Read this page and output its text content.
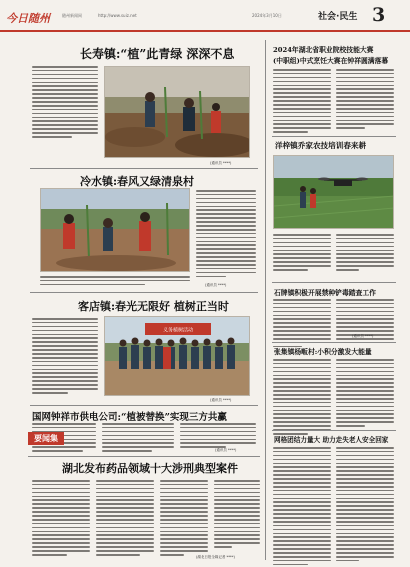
今日随州	随州新闻网	http://www.suiz.net	2024年3月10日	社会·民生 3
长寿镇:“植”此青绿 深深不息
(通讯员 ****)
冷水镇:春风又绿清泉村
(通讯员 ****)
客店镇:春光无限好 植树正当时
义务植树活动
(通讯员 ****)
国网钟祥市供电公司:“植被替换”实现三方共赢
(通讯员 ****)
要闻集
湖北发布药品领域十大涉刑典型案件
(湖北日报全媒记者 ****)
2024年湖北省职业院校技能大赛
(中职组)中式烹饪大赛在钟祥圆满落幕
洋梓镇乔家农技培训春来耕
石牌镇积极开展禁种铲毒踏查工作
(通讯员 ****)
张集镇杨畈村:小积分激发大能量
网格团结力量大 助力走失老人安全回家
